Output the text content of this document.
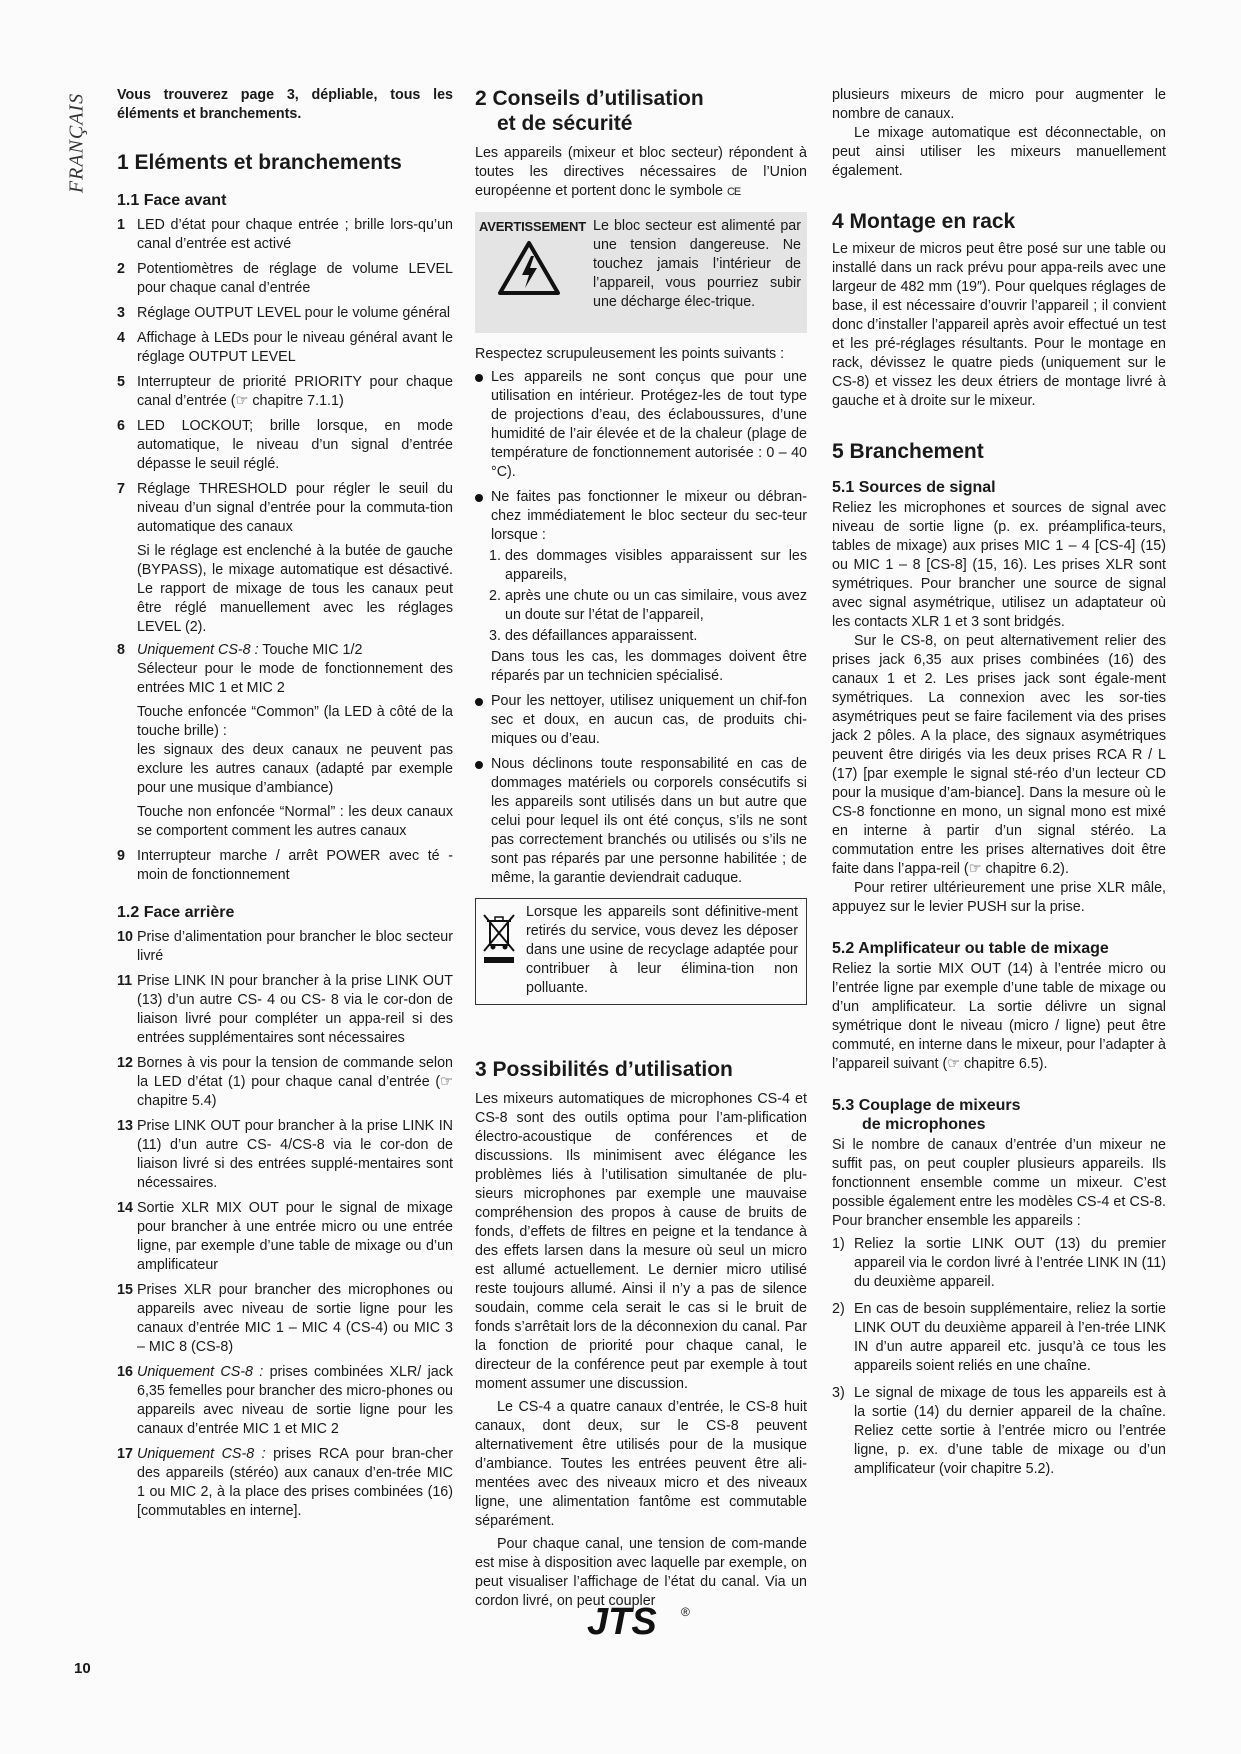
FRANÇAIS Vous trouverez page 3, dépliable, tous les éléments et branchements.

1 Eléments et branchements
1.1 Face avant
1 LED d’état pour chaque entrée ; brille lors-qu’un canal d’entrée est activé
2 Potentiomètres de réglage de volume LEVEL pour chaque canal d’entrée
3 Réglage OUTPUT LEVEL pour le volume général
4 Affichage à LEDs pour le niveau général avant le réglage OUTPUT LEVEL
5 Interrupteur de priorité PRIORITY pour chaque canal d’entrée (☞ chapitre 7.1.1)
6 LED LOCKOUT; brille lorsque, en mode automatique, le niveau d’un signal d’entrée dépasse le seuil réglé.
7 Réglage THRESHOLD pour régler le seuil du niveau d’un signal d’entrée pour la commuta-tion automatique des canaux
Si le réglage est enclenché à la butée de gauche (BYPASS), le mixage automatique est désactivé. Le rapport de mixage de tous les canaux peut être réglé manuellement avec les réglages LEVEL (2).
8 Uniquement CS-8 : Touche MIC 1/2
Sélecteur pour le mode de fonctionnement des entrées MIC 1 et MIC 2
Touche enfoncée “Common” (la LED à côté de la touche brille) :
les signaux des deux canaux ne peuvent pas exclure les autres canaux (adapté par exemple pour une musique d’ambiance)
Touche non enfoncée “Normal” : les deux canaux se comportent comment les autres canaux
9 Interrupteur marche / arrêt POWER avec té - moin de fonctionnement
1.2 Face arrière
10 Prise d’alimentation pour brancher le bloc secteur livré
11 Prise LINK IN pour brancher à la prise LINK OUT (13) d’un autre CS- 4 ou CS- 8 via le cor-don de liaison livré pour compléter un appa-reil si des entrées supplémentaires sont nécessaires
12 Bornes à vis pour la tension de commande selon la LED d’état (1) pour chaque canal d’entrée (☞ chapitre 5.4)
13 Prise LINK OUT pour brancher à la prise LINK IN (11) d’un autre CS- 4/CS-8 via le cor-don de liaison livré si des entrées supplé-mentaires sont nécessaires.
14 Sortie XLR MIX OUT pour le signal de mixage pour brancher à une entrée micro ou une entrée ligne, par exemple d’une table de mixage ou d’un amplificateur
15 Prises XLR pour brancher des microphones ou appareils avec niveau de sortie ligne pour les canaux d’entrée MIC 1 – MIC 4 (CS-4) ou MIC 3 – MIC 8 (CS-8)
16 Uniquement CS-8 : prises combinées XLR/ jack 6,35 femelles pour brancher des micro-phones ou appareils avec niveau de sortie ligne pour les canaux d’entrée MIC 1 et MIC 2
17 Uniquement CS-8 : prises RCA pour bran-cher des appareils (stéréo) aux canaux d’en-trée MIC 1 ou MIC 2, à la place des prises combinées (16) [commutables en interne].
2 Conseils d’utilisation
et de sécurité

Les appareils (mixeur et bloc secteur) répondent à toutes les directives nécessaires de l’Union européenne et portent donc le symbole CE

AVERTISSEMENT Le bloc secteur est alimenté par une tension dangereuse. Ne touchez jamais l’intérieur de l’appareil, vous pourriez subir une décharge élec-trique.

Respectez scrupuleusement les points suivants :

Les appareils ne sont conçus que pour une utilisation en intérieur. Protégez-les de tout type de projections d’eau, des éclaboussures, d’une humidité de l’air élevée et de la chaleur (plage de température de fonctionnement autorisée : 0 – 40 °C).
Ne faites pas fonctionner le mixeur ou débran-chez immédiatement le bloc secteur du sec-teur lorsque :
1. des dommages visibles apparaissent sur les appareils,
2. après une chute ou un cas similaire, vous avez un doute sur l’état de l’appareil,
3. des défaillances apparaissent.
Dans tous les cas, les dommages doivent être réparés par un technicien spécialisé.
Pour les nettoyer, utilisez uniquement un chif-fon sec et doux, en aucun cas, de produits chi-miques ou d’eau.
Nous déclinons toute responsabilité en cas de dommages matériels ou corporels consécutifs si les appareils sont utilisés dans un but autre que celui pour lequel ils ont été conçus, s’ils ne sont pas correctement branchés ou utilisés ou s’ils ne sont pas réparés par une personne habilitée ; de même, la garantie deviendrait caduque.
Lorsque les appareils sont définitive-ment retirés du service, vous devez les déposer dans une usine de recyclage adaptée pour contribuer à leur élimina-tion non polluante.
3 Possibilités d’utilisation

Les mixeurs automatiques de microphones CS-4 et CS-8 sont des outils optima pour l’am-plification électro-acoustique de conférences et de discussions. Ils minimisent avec élégance les problèmes liés à l’utilisation simultanée de plu-sieurs microphones par exemple une mauvaise compréhension des propos à cause de bruits de fonds, d’effets de filtres en peigne et la tendance à des effets larsen dans la mesure où seul un micro est allumé actuellement. Le dernier micro utilisé reste toujours allumé. Ainsi il n’y a pas de silence soudain, comme cela serait le cas si le bruit de fonds s’arrêtait lors de la déconnexion du canal. Par la fonction de priorité pour chaque canal, le directeur de la conférence peut par exemple à tout moment assumer une discussion.

Le CS-4 a quatre canaux d’entrée, le CS-8 huit canaux, dont deux, sur le CS-8 peuvent alternativement être utilisés pour de la musique d’ambiance. Toutes les entrées peuvent être ali-mentées avec des niveaux micro et des niveaux ligne, une alimentation fantôme est commutable séparément.

Pour chaque canal, une tension de com-mande est mise à disposition avec laquelle par exemple, on peut visualiser l’affichage de l’état du canal. Via un cordon livré, on peut coupler

plusieurs mixeurs de micro pour augmenter le nombre de canaux.

Le mixage automatique est déconnectable, on peut ainsi utiliser les mixeurs manuellement également.

4 Montage en rack

Le mixeur de micros peut être posé sur une table ou installé dans un rack prévu pour appa-reils avec une largeur de 482 mm (19″). Pour quelques réglages de base, il est nécessaire d’ouvrir l’appareil ; il convient donc d’installer l’appareil après avoir effectué un test et les pré-réglages résultants. Pour le montage en rack, dévissez le quatre pieds (uniquement sur le CS-8) et vissez les deux étriers de montage livré à gauche et à droite sur le mixeur.

5 Branchement
5.1 Sources de signal

Reliez les microphones et sources de signal avec niveau de sortie ligne (p. ex. préamplifica-teurs, tables de mixage) aux prises MIC 1 – 4 [CS-4] (15) ou MIC 1 – 8 [CS-8] (15, 16). Les prises XLR sont symétriques. Pour brancher une source de signal avec signal asymétrique, utilisez un adaptateur où les contacts XLR 1 et 3 sont bridgés.

Sur le CS-8, on peut alternativement relier des prises jack 6,35 aux prises combinées (16) des canaux 1 et 2. Les prises jack sont égale-ment symétriques. La connexion avec les sor-ties asymétriques peut se faire facilement via des prises jack 2 pôles. A la place, des signaux asymétriques peuvent être dirigés via les deux prises RCA R / L (17) [par exemple le signal sté-réo d’un lecteur CD pour la musique d’am-biance]. Dans la mesure où le CS-8 fonctionne en mono, un signal mono est mixé en interne à partir d’un signal stéréo. La commutation entre les prises alternatives doit être faite dans l’appa-reil (☞ chapitre 6.2).

Pour retirer ultérieurement une prise XLR mâle, appuyez sur le levier PUSH sur la prise.

5.2 Amplificateur ou table de mixage

Reliez la sortie MIX OUT (14) à l’entrée micro ou l’entrée ligne par exemple d’une table de mixage ou d’un amplificateur. La sortie délivre un signal symétrique dont le niveau (micro / ligne) peut être commuté, en interne dans le mixeur, pour l’adapter à l’appareil suivant (☞ chapitre 6.5).

5.3 Couplage de mixeurs
de microphones

Si le nombre de canaux d’entrée d’un mixeur ne suffit pas, on peut coupler plusieurs appareils. Ils fonctionnent ensemble comme un mixeur. C’est possible également entre les modèles CS-4 et CS-8. Pour brancher ensemble les appareils :

1) Reliez la sortie LINK OUT (13) du premier appareil via le cordon livré à l’entrée LINK IN (11) du deuxième appareil.
2) En cas de besoin supplémentaire, reliez la sortie LINK OUT du deuxième appareil à l’en-trée LINK IN d’un autre appareil etc. jusqu’à ce tous les appareils soient reliés en une chaîne.
3) Le signal de mixage de tous les appareils est à la sortie (14) du dernier appareil de la chaîne. Reliez cette sortie à l’entrée micro ou l’entrée ligne, p. ex. d’une table de mixage ou d’un amplificateur (voir chapitre 5.2).
JTS ®
10
